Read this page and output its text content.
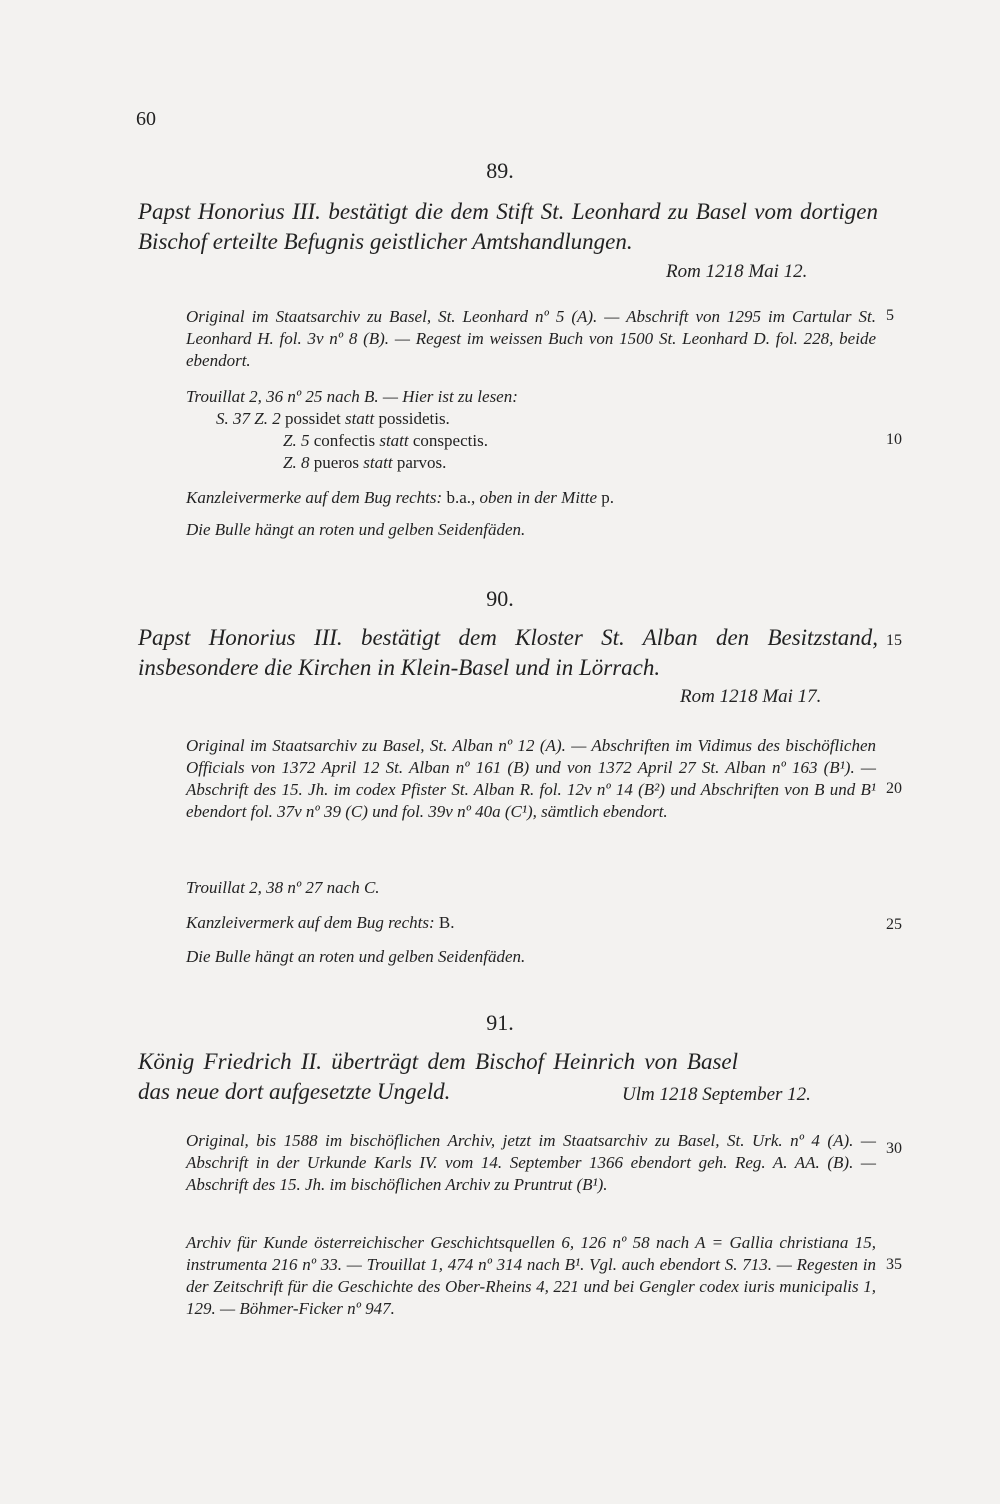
60
89.
Papst Honorius III. bestätigt die dem Stift St. Leonhard zu Basel vom dortigen Bischof erteilte Befugnis geistlicher Amtshandlungen.
Rom 1218 Mai 12.
Original im Staatsarchiv zu Basel, St. Leonhard nº 5 (A). — Abschrift von 1295 im Cartular St. Leonhard H. fol. 3v nº 8 (B). — Regest im weissen Buch von 1500 St. Leonhard D. fol. 228, beide ebendort.
Trouillat 2, 36 nº 25 nach B. — Hier ist zu lesen:
S. 37 Z. 2 possidet statt possidetis.
Z. 5 confectis statt conspectis.
Z. 8 pueros statt parvos.
Kanzleivermerke auf dem Bug rechts: b.a., oben in der Mitte p.
Die Bulle hängt an roten und gelben Seidenfäden.
90.
Papst Honorius III. bestätigt dem Kloster St. Alban den Besitzstand, insbesondere die Kirchen in Klein-Basel und in Lörrach.
Rom 1218 Mai 17.
Original im Staatsarchiv zu Basel, St. Alban nº 12 (A). — Abschriften im Vidimus des bischöflichen Officials von 1372 April 12 St. Alban nº 161 (B) und von 1372 April 27 St. Alban nº 163 (B¹). — Abschrift des 15. Jh. im codex Pfister St. Alban R. fol. 12v nº 14 (B²) und Abschriften von B und B¹ ebendort fol. 37v nº 39 (C) und fol. 39v nº 40a (C¹), sämtlich ebendort.
Trouillat 2, 38 nº 27 nach C.
Kanzleivermerk auf dem Bug rechts: B.
Die Bulle hängt an roten und gelben Seidenfäden.
91.
König Friedrich II. überträgt dem Bischof Heinrich von Basel das neue dort aufgesetzte Ungeld.	Ulm 1218 September 12.
Original, bis 1588 im bischöflichen Archiv, jetzt im Staatsarchiv zu Basel, St. Urk. nº 4 (A). — Abschrift in der Urkunde Karls IV. vom 14. September 1366 ebendort geh. Reg. A. AA. (B). — Abschrift des 15. Jh. im bischöflichen Archiv zu Pruntrut (B¹).
Archiv für Kunde österreichischer Geschichtsquellen 6, 126 nº 58 nach A = Gallia christiana 15, instrumenta 216 nº 33. — Trouillat 1, 474 nº 314 nach B¹. Vgl. auch ebendort S. 713. — Regesten in der Zeitschrift für die Geschichte des Ober-Rheins 4, 221 und bei Gengler codex iuris municipalis 1, 129. — Böhmer-Ficker nº 947.
5
10
15
20
25
30
35
